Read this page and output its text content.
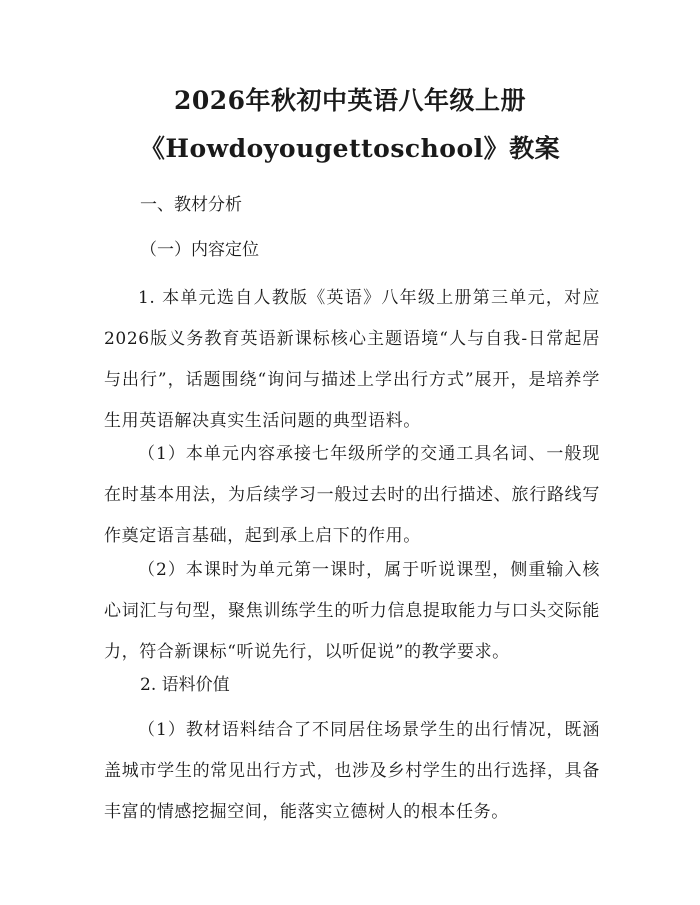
2026年秋初中英语八年级上册
《Howdoyougettoschool》教案
一、教材分析
（一）内容定位
1. 本单元选自人教版《英语》八年级上册第三单元，对应2026版义务教育英语新课标核心主题语境“人与自我-日常起居与出行”，话题围绕“询问与描述上学出行方式”展开，是培养学生用英语解决真实生活问题的典型语料。
（1）本单元内容承接七年级所学的交通工具名词、一般现在时基本用法，为后续学习一般过去时的出行描述、旅行路线写作奠定语言基础，起到承上启下的作用。
（2）本课时为单元第一课时，属于听说课型，侧重输入核心词汇与句型，聚焦训练学生的听力信息提取能力与口头交际能力，符合新课标“听说先行，以听促说”的教学要求。
2. 语料价值
（1）教材语料结合了不同居住场景学生的出行情况，既涵盖城市学生的常见出行方式，也涉及乡村学生的出行选择，具备丰富的情感挖掘空间，能落实立德树人的根本任务。
